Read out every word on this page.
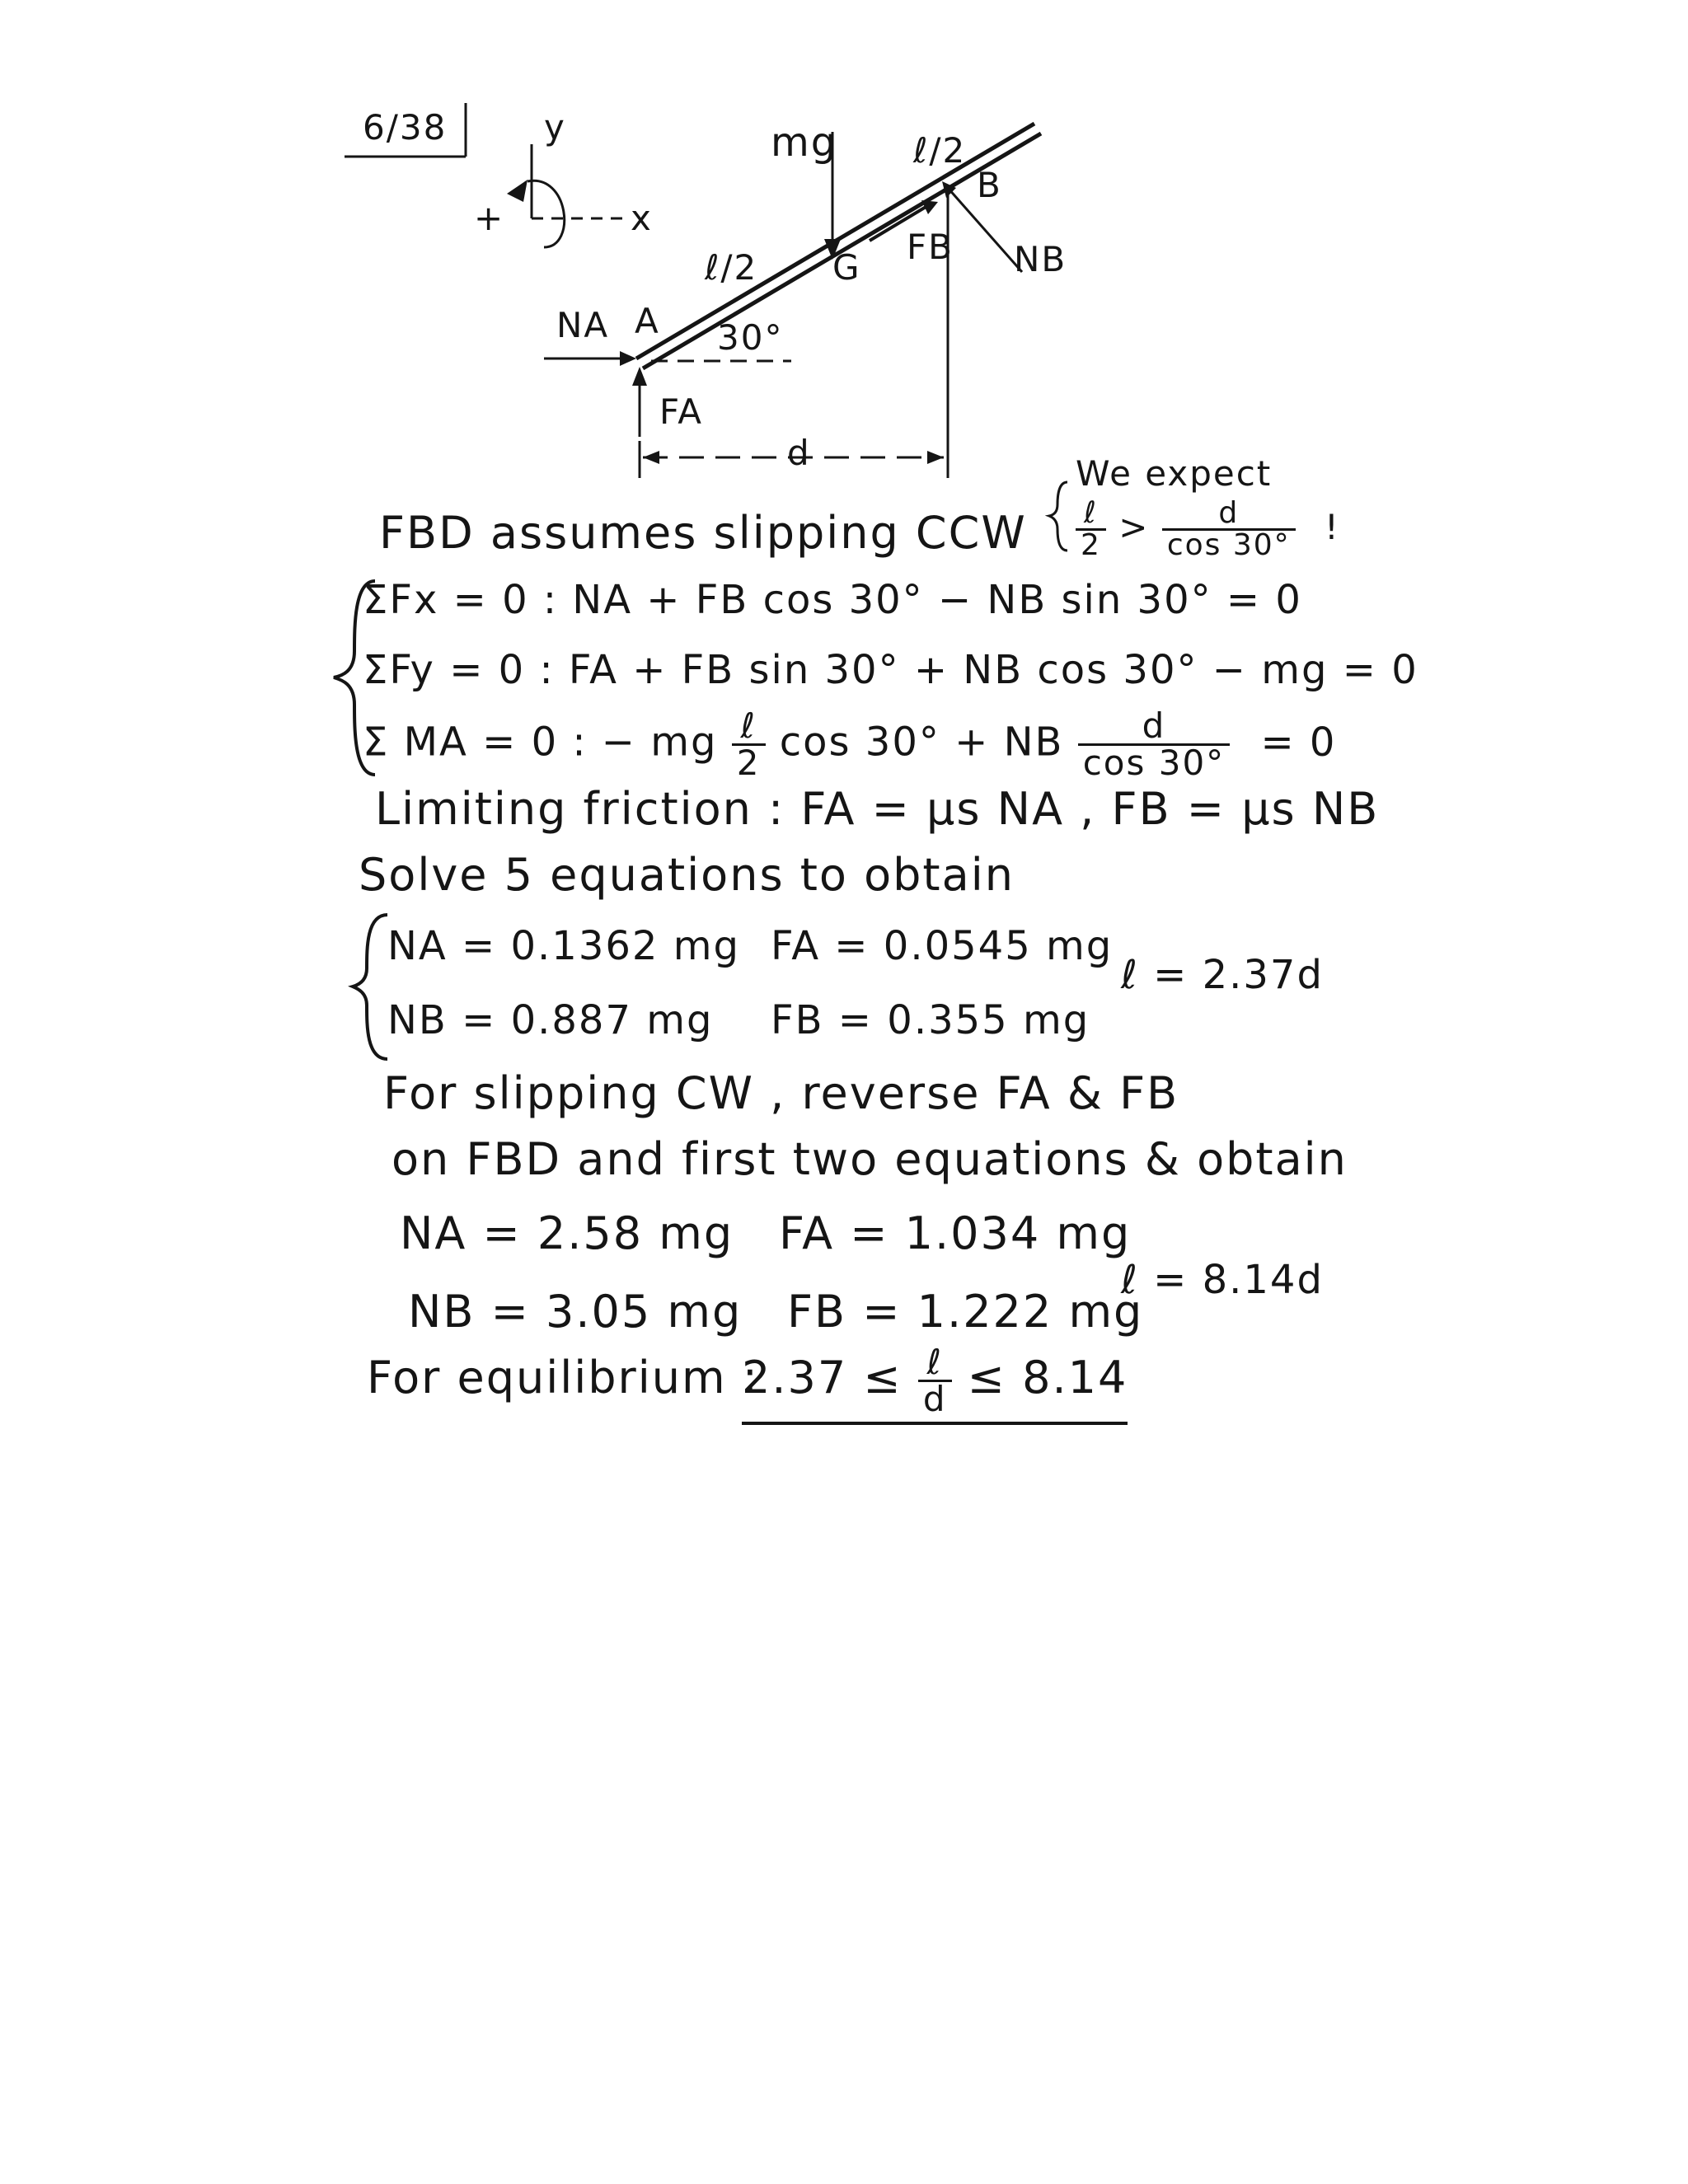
6/38	y
x
+
mg ℓ/2
B
ℓ/2 G
FB NB
NA A 30°
FA
d
We expect
$\frac{\text{ℓ}}{2} > \frac{d}{\cos 30^\circ}$ !
FBD assumes slipping CCW
ΣFx = 0 : NA + FB cos 30° − NB sin 30° = 0
ΣFy = 0 : FA + FB sin 30° + NB cos 30° − mg = 0
Σ MA = 0 : − mg $\frac{\text{ℓ}}{2}$ cos 30° + NB $\frac{d}{\cos 30^\circ} = 0$
Limiting friction : FA = μs NA , FB = μs NB
Solve 5 equations to obtain
NA = 0.1362 mg FA = 0.0545 mg
NB = 0.887 mg FB = 0.355 mg
ℓ = 2.37d
For slipping CW , reverse FA & FB
on FBD and first two equations & obtain
NA = 2.58 mg FA = 1.034 mg
NB = 3.05 mg FB = 1.222 mg
ℓ = 8.14d
For equilibrium :
$2.37 \le \frac{\text{ℓ}}{d} \le 8.14$
